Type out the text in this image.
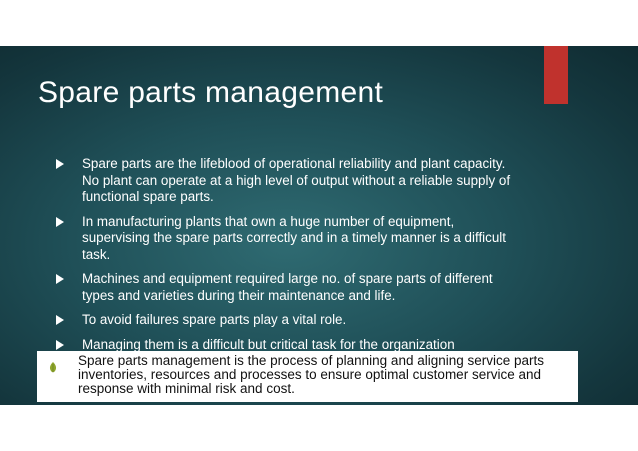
Spare parts management
Spare parts are the lifeblood of operational reliability and plant capacity. No plant can operate at a high level of output without a reliable supply of functional spare parts.
In manufacturing plants that own a huge number of equipment, supervising the spare parts correctly and in a timely manner is a difficult task.
Machines and equipment required large no. of spare parts of different types and varieties during their maintenance and life.
To avoid failures spare parts play a vital role.
Managing them is a difficult but critical task for the organization
Spare parts management is the process of planning and aligning service parts inventories, resources and processes to ensure optimal customer service and response with minimal risk and cost.
